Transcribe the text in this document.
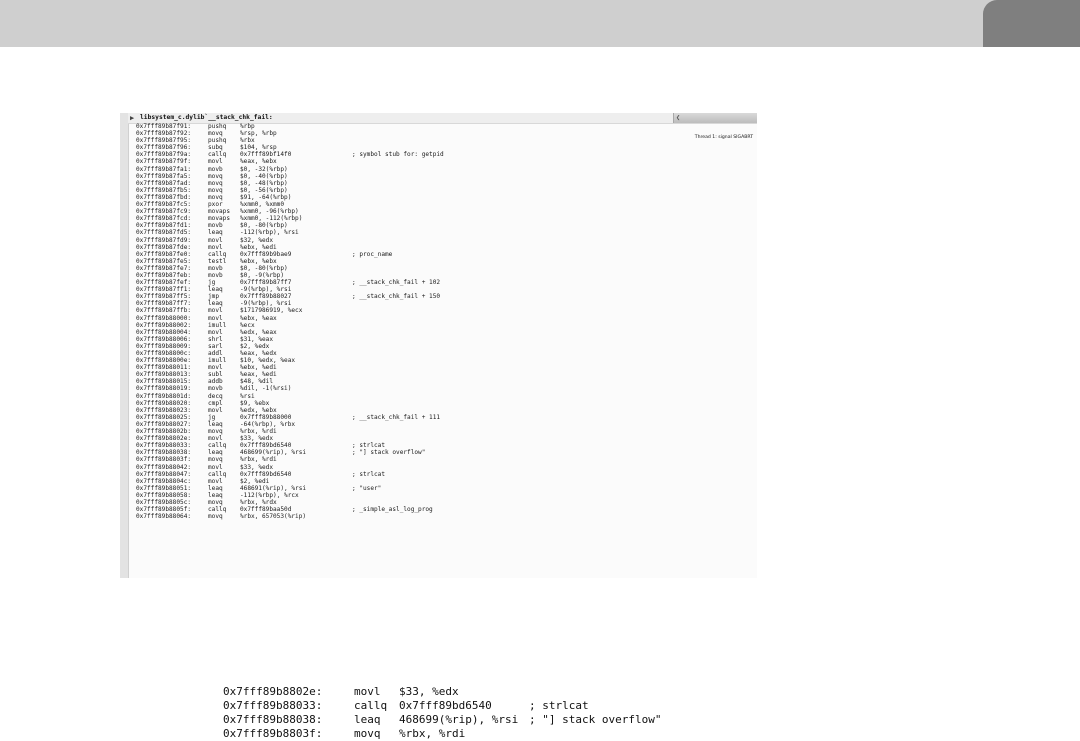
▶ libsystem_c.dylib`__stack_chk_fail:

	❮

Thread 1: signal SIGABRT

0x7fff89b87f91:	pushq %rbp
0x7fff89b87f92:	movq	%rsp, %rbp
0x7fff89b87f95:	pushq %rbx
0x7fff89b87f96:	subq	$104, %rsp
0x7fff89b87f9a:	callq 0x7fff89bf14f0	; symbol stub for: getpid
0x7fff89b87f9f:	movl	%eax, %ebx
0x7fff89b87fa1:	movb	$0, -32(%rbp)
0x7fff89b87fa5:	movq	$0, -40(%rbp)
0x7fff89b87fad:	movq	$0, -48(%rbp)
0x7fff89b87fb5:	movq	$0, -56(%rbp)
0x7fff89b87fbd:	movq	$91, -64(%rbp)
0x7fff89b87fc5:	pxor	%xmm0, %xmm0
0x7fff89b87fc9:	movaps %xmm0, -96(%rbp)
0x7fff89b87fcd:	movaps %xmm0, -112(%rbp)
0x7fff89b87fd1:	movb	$0, -80(%rbp)
0x7fff89b87fd5:	leaq	-112(%rbp), %rsi
0x7fff89b87fd9:	movl	$32, %edx
0x7fff89b87fde:	movl	%ebx, %edi
0x7fff89b87fe0:	callq 0x7fff89b9bae9	; proc_name
0x7fff89b87fe5:	testl %ebx, %ebx
0x7fff89b87fe7:	movb	$0, -80(%rbp)
0x7fff89b87feb:	movb	$0, -9(%rbp)
0x7fff89b87fef:	jg	0x7fff89b87ff7	; __stack_chk_fail + 102
0x7fff89b87ff1:	leaq	-9(%rbp), %rsi
0x7fff89b87ff5:	jmp	0x7fff89b88027	; __stack_chk_fail + 150
0x7fff89b87ff7:	leaq	-9(%rbp), %rsi
0x7fff89b87ffb:	movl	$1717986919, %ecx
0x7fff89b88000:	movl	%ebx, %eax
0x7fff89b88002:	imull %ecx
0x7fff89b88004:	movl	%edx, %eax
0x7fff89b88006:	shrl	$31, %eax
0x7fff89b88009:	sarl	$2, %edx
0x7fff89b8800c:	addl	%eax, %edx
0x7fff89b8800e:	imull $10, %edx, %eax
0x7fff89b88011:	movl	%ebx, %edi
0x7fff89b88013:	subl	%eax, %edi
0x7fff89b88015:	addb	$48, %dil
0x7fff89b88019:	movb	%dil, -1(%rsi)
0x7fff89b8801d:	decq	%rsi
0x7fff89b88020:	cmpl	$9, %ebx
0x7fff89b88023:	movl	%edx, %ebx
0x7fff89b88025:	jg	0x7fff89b88000	; __stack_chk_fail + 111
0x7fff89b88027:	leaq	-64(%rbp), %rbx
0x7fff89b8802b:	movq	%rbx, %rdi
0x7fff89b8802e:	movl	$33, %edx
0x7fff89b88033:	callq 0x7fff89bd6540	; strlcat
0x7fff89b88038:	leaq	468699(%rip), %rsi	; "] stack overflow"
0x7fff89b8803f:	movq	%rbx, %rdi
0x7fff89b88042:	movl	$33, %edx
0x7fff89b88047:	callq 0x7fff89bd6540	; strlcat
0x7fff89b8804c:	movl	$2, %edi
0x7fff89b88051:	leaq	468691(%rip), %rsi	; "user"
0x7fff89b88058:	leaq	-112(%rbp), %rcx
0x7fff89b8805c:	movq	%rbx, %rdx
0x7fff89b8805f:	callq 0x7fff89baa50d	; _simple_asl_log_prog
0x7fff89b88064:	movq	%rbx, 657053(%rip)
0x7fff89b8802e:	movl $33, %edx
0x7fff89b88033:	callq 0x7fff89bd6540	; strlcat
0x7fff89b88038:	leaq 468699(%rip), %rsi ; "] stack overflow"
0x7fff89b8803f:	movq %rbx, %rdi
